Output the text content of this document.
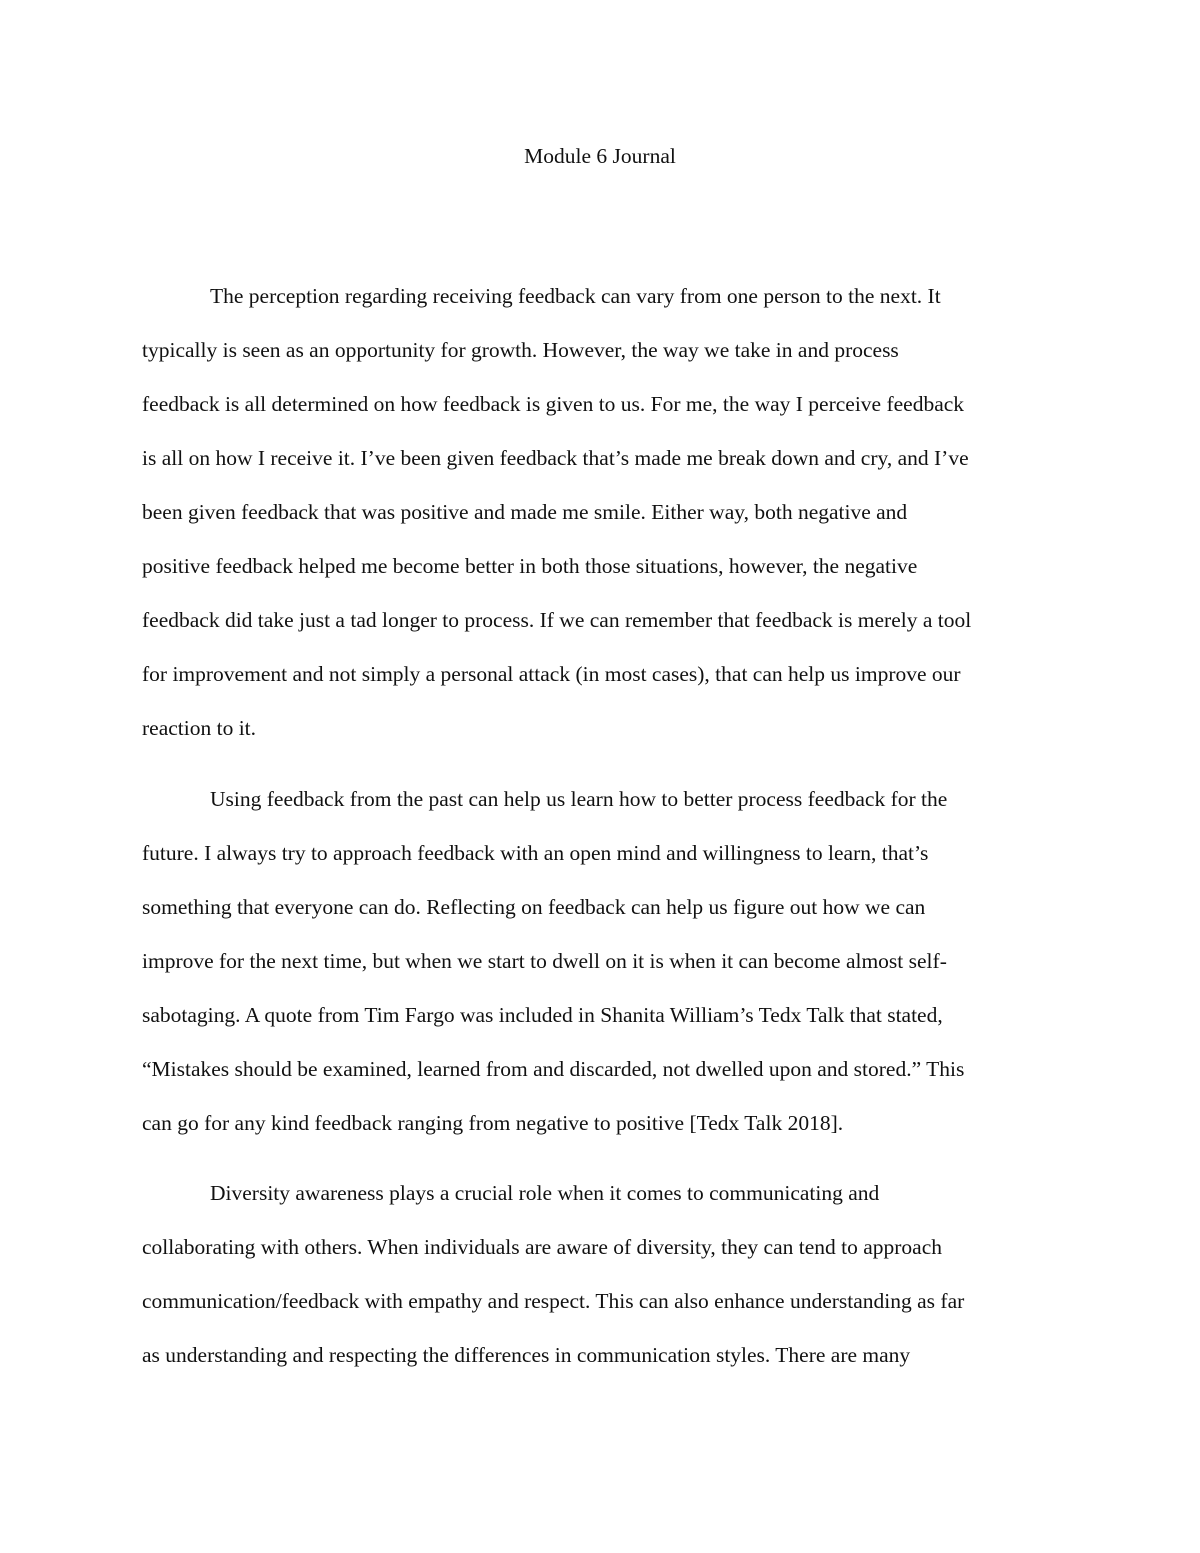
Module 6 Journal
The perception regarding receiving feedback can vary from one person to the next. It
typically is seen as an opportunity for growth. However, the way we take in and process
feedback is all determined on how feedback is given to us. For me, the way I perceive feedback
is all on how I receive it. I’ve been given feedback that’s made me break down and cry, and I’ve
been given feedback that was positive and made me smile. Either way, both negative and
positive feedback helped me become better in both those situations, however, the negative
feedback did take just a tad longer to process. If we can remember that feedback is merely a tool
for improvement and not simply a personal attack (in most cases), that can help us improve our
reaction to it.
Using feedback from the past can help us learn how to better process feedback for the
future. I always try to approach feedback with an open mind and willingness to learn, that’s
something that everyone can do. Reflecting on feedback can help us figure out how we can
improve for the next time, but when we start to dwell on it is when it can become almost self-
sabotaging. A quote from Tim Fargo was included in Shanita William’s Tedx Talk that stated,
“Mistakes should be examined, learned from and discarded, not dwelled upon and stored.” This
can go for any kind feedback ranging from negative to positive [Tedx Talk 2018].
Diversity awareness plays a crucial role when it comes to communicating and
collaborating with others. When individuals are aware of diversity, they can tend to approach
communication/feedback with empathy and respect. This can also enhance understanding as far
as understanding and respecting the differences in communication styles. There are many
